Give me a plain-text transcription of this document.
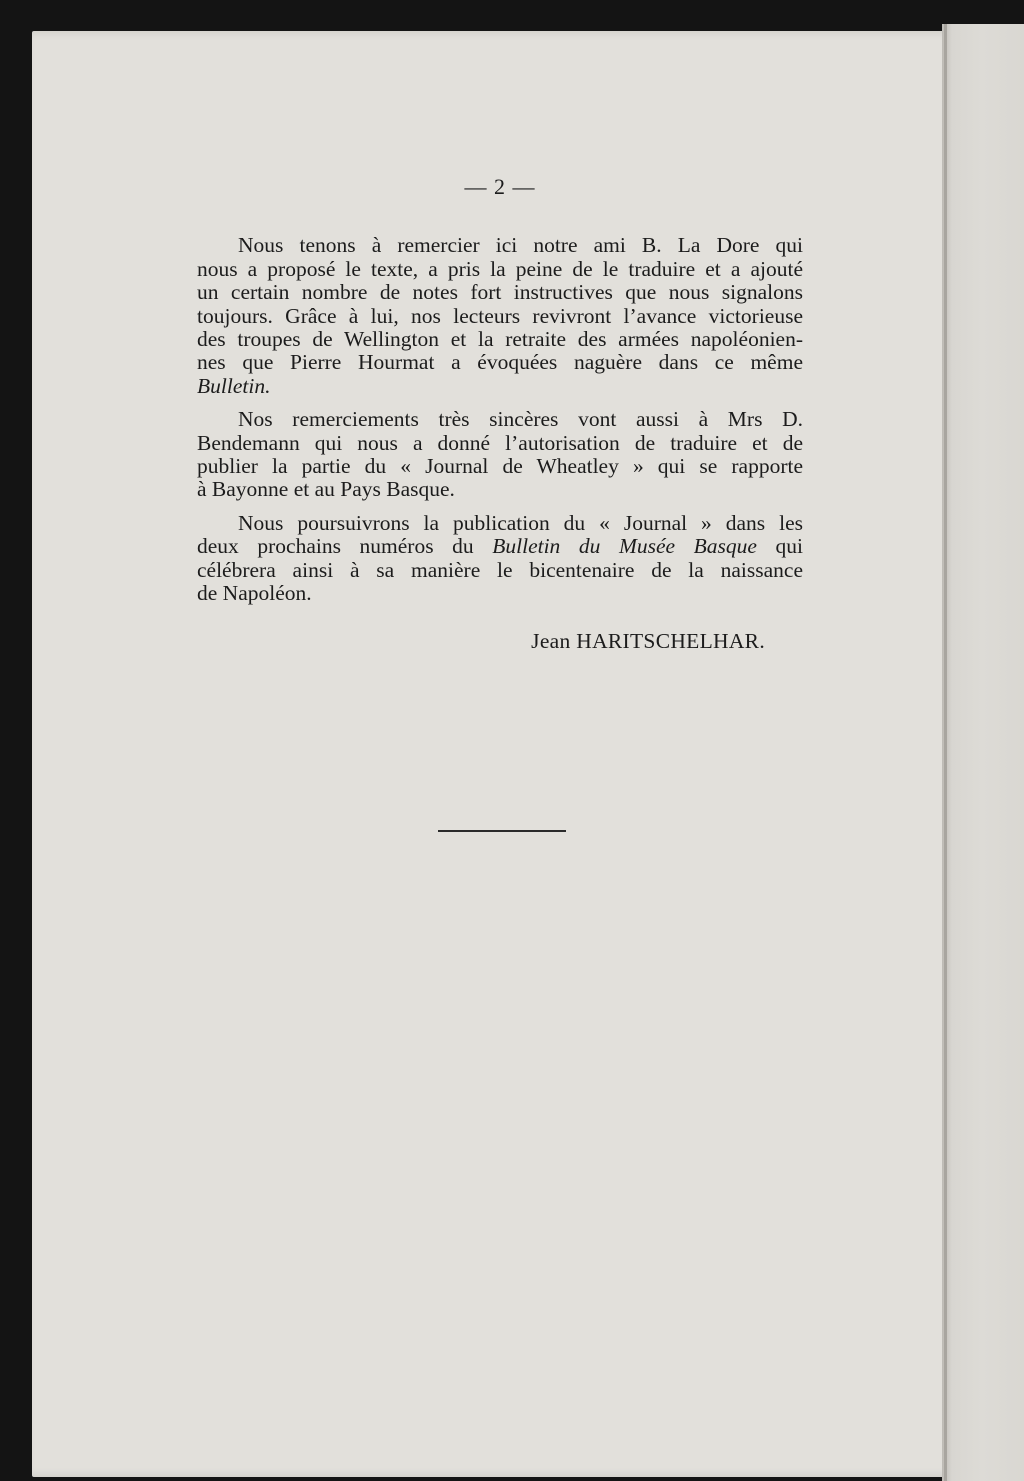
— 2 —

Nous tenons à remercier ici notre ami B. La Dore qui
nous a proposé le texte, a pris la peine de le traduire et a ajouté
un certain nombre de notes fort instructives que nous signalons
toujours. Grâce à lui, nos lecteurs revivront l’avance victorieuse
des troupes de Wellington et la retraite des armées napoléonien-
nes que Pierre Hourmat a évoquées naguère dans ce même
Bulletin.

Nos remerciements très sincères vont aussi à Mrs D.
Bendemann qui nous a donné l’autorisation de traduire et de
publier la partie du « Journal de Wheatley » qui se rapporte
à Bayonne et au Pays Basque.

Nous poursuivrons la publication du « Journal » dans les
deux prochains numéros du Bulletin du Musée Basque qui
célébrera ainsi à sa manière le bicentenaire de la naissance
de Napoléon.

Jean HARITSCHELHAR.
